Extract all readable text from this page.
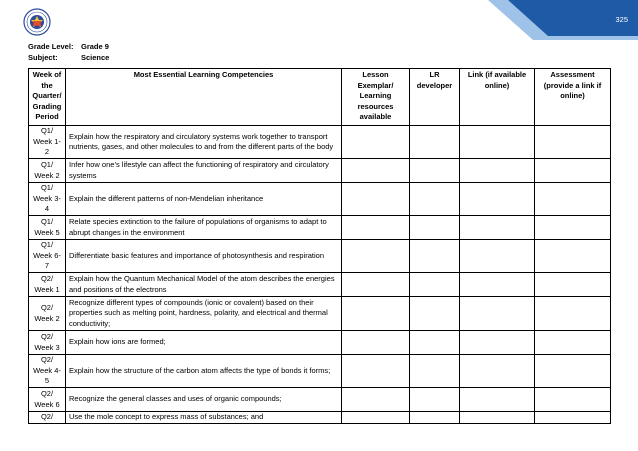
325
Grade Level:	Grade 9
Subject:	Science
Week of the Quarter/ Grading Period	Most Essential Learning Competencies	Lesson Exemplar/ Learning resources available	LR developer	Link (if available online)	Assessment (provide a link if online)
Q1/ Week 1-2	Explain how the respiratory and circulatory systems work together to transport nutrients, gases, and other molecules to and from the different parts of the body				
Q1/ Week 2	Infer how one’s lifestyle can affect the functioning of respiratory and circulatory systems				
Q1/ Week 3-4	Explain the different patterns of non-Mendelian inheritance				
Q1/ Week 5	Relate species extinction to the failure of populations of organisms to adapt to abrupt changes in the environment				
Q1/ Week 6-7	Differentiate basic features and importance of photosynthesis and respiration				
Q2/ Week 1	Explain how the Quantum Mechanical Model of the atom describes the energies and positions of the electrons				
Q2/ Week 2	Recognize different types of compounds (ionic or covalent) based on their properties such as melting point, hardness, polarity, and electrical and thermal conductivity;				
Q2/ Week 3	Explain how ions are formed;				
Q2/ Week 4-5	Explain how the structure of the carbon atom affects the type of bonds it forms;				
Q2/ Week 6	Recognize the general classes and uses of organic compounds;				
Q2/	Use the mole concept to express mass of substances; and				
